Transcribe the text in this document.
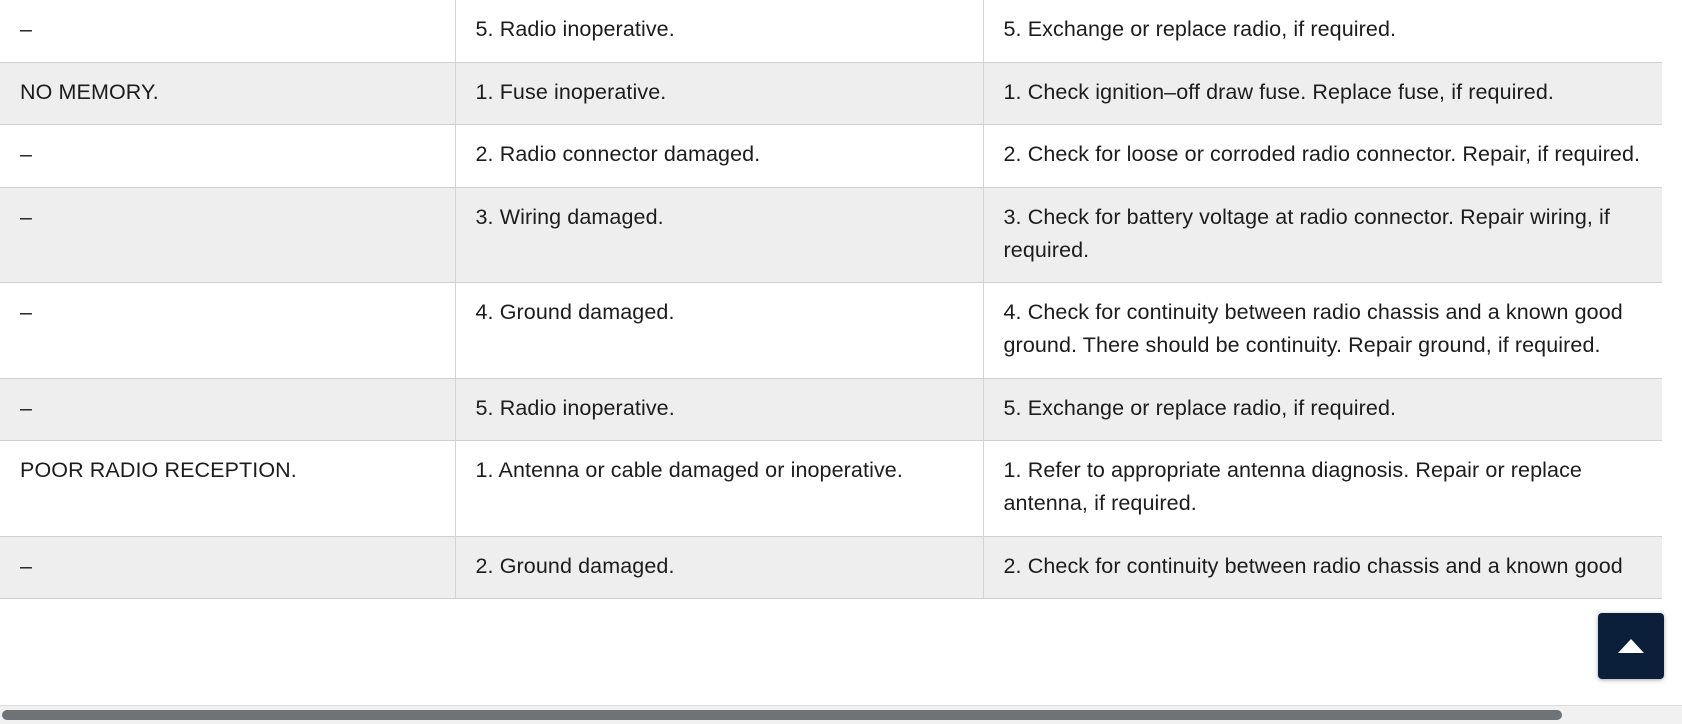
–	5. Radio inoperative.	5. Exchange or replace radio, if required.
NO MEMORY.	1. Fuse inoperative.	1. Check ignition–off draw fuse. Replace fuse, if required.
–	2. Radio connector damaged.	2. Check for loose or corroded radio connector. Repair, if required.
–	3. Wiring damaged.	3. Check for battery voltage at radio connector. Repair wiring, if required.
–	4. Ground damaged.	4. Check for continuity between radio chassis and a known good ground. There should be continuity. Repair ground, if required.
–	5. Radio inoperative.	5. Exchange or replace radio, if required.
POOR RADIO RECEPTION.	1. Antenna or cable damaged or inoperative.	1. Refer to appropriate antenna diagnosis. Repair or replace antenna, if required.
–	2. Ground damaged.	2. Check for continuity between radio chassis and a known good
